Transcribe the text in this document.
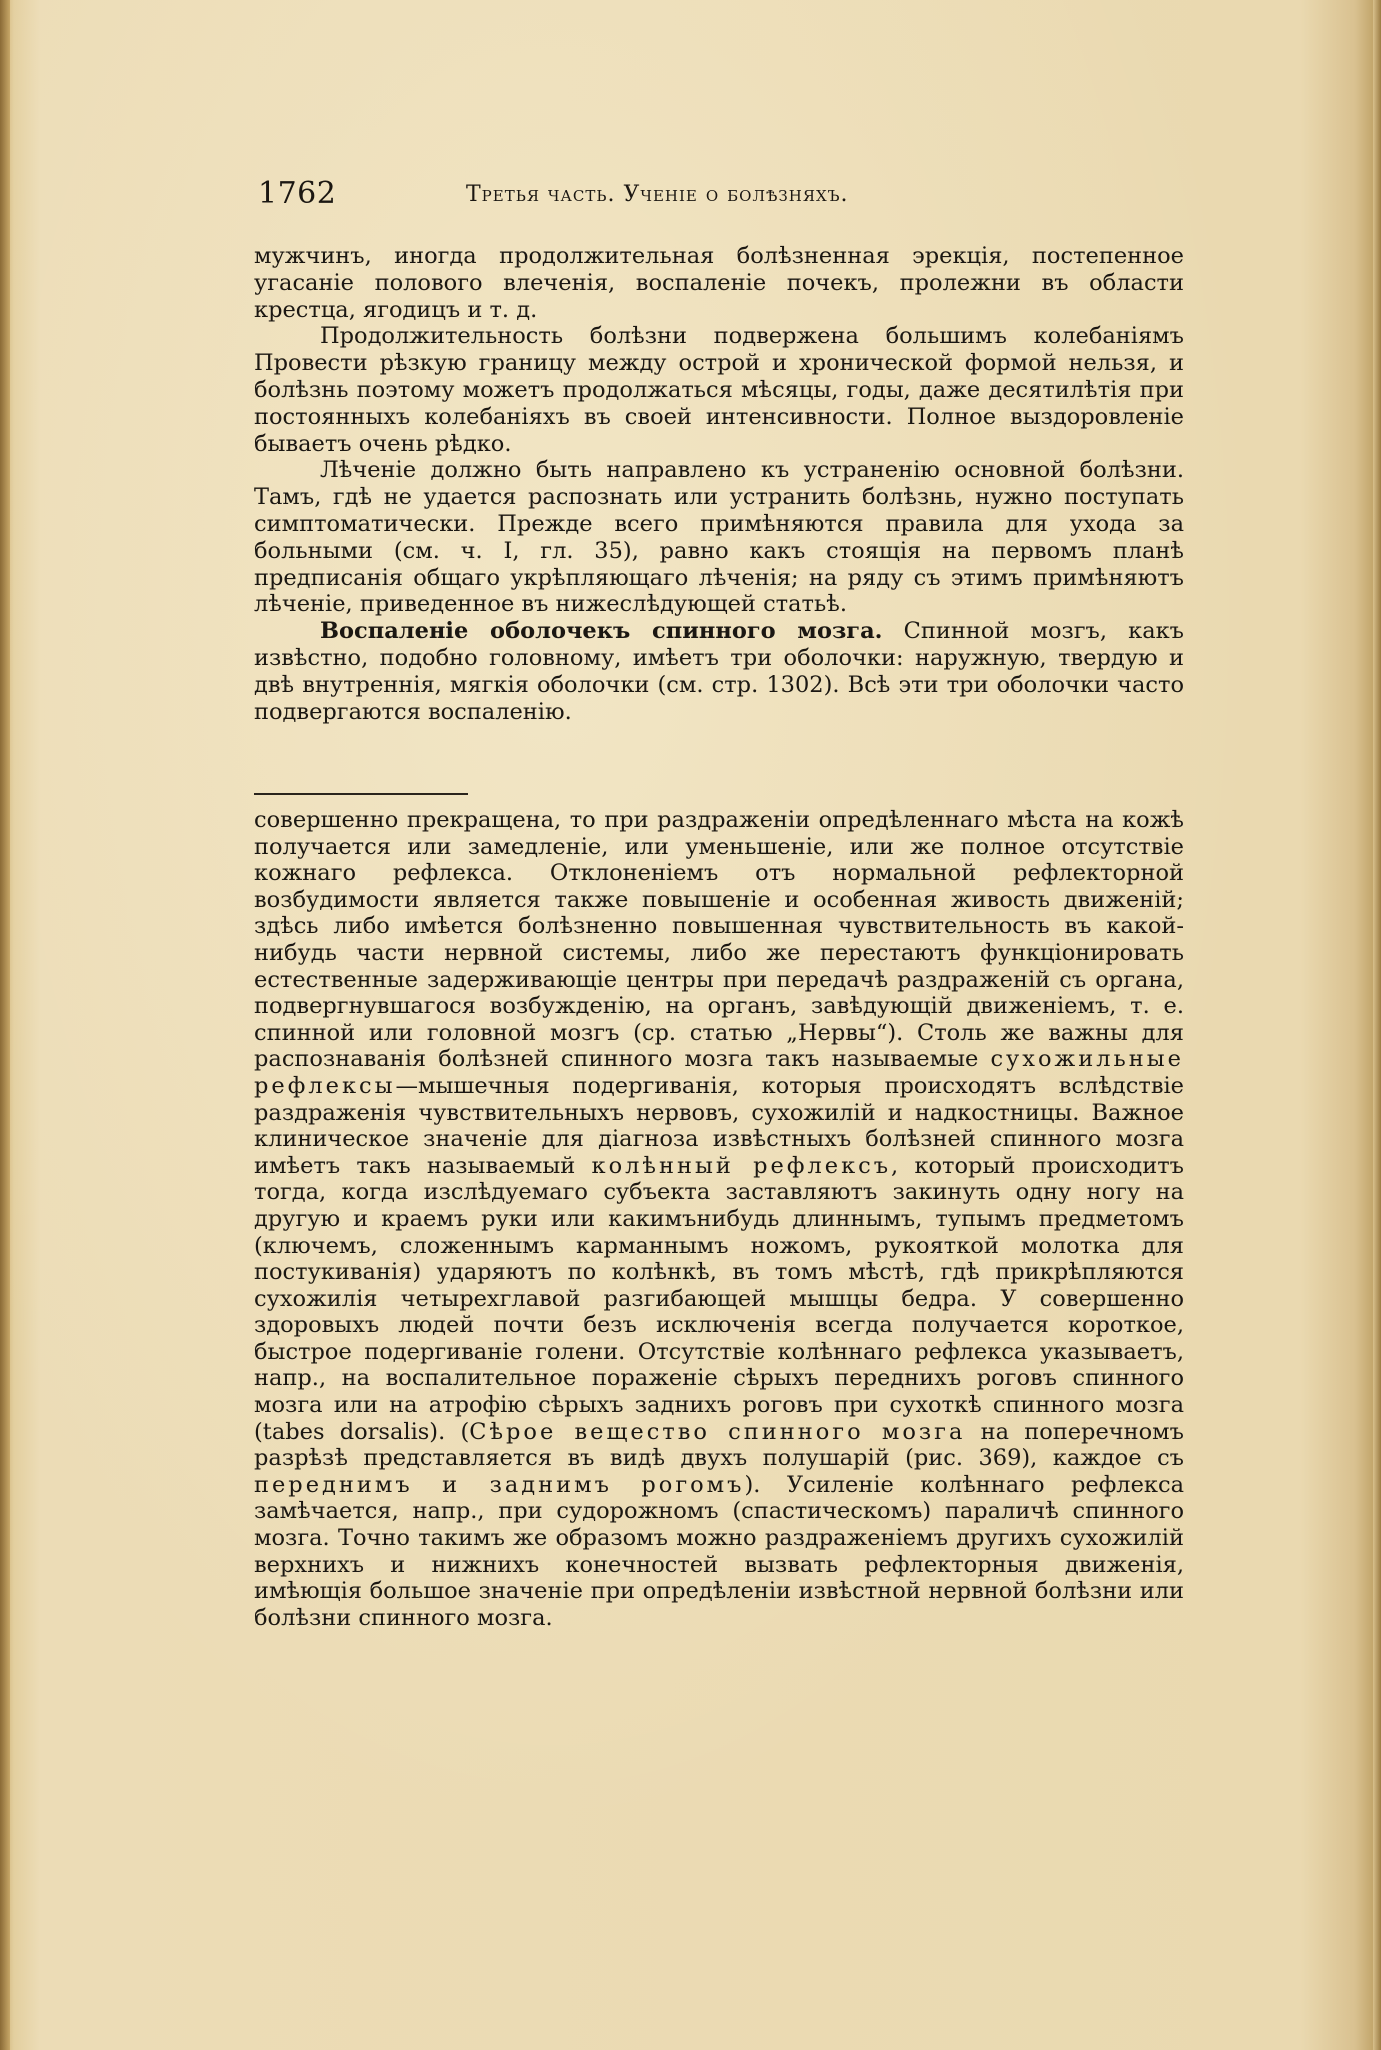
1762	Третья часть. Ученіе о болѣзняхъ.

мужчинъ, иногда продолжительная болѣзненная эрекція, постепенное угасаніе полового влеченія, воспаленіе почекъ, пролежни въ области крестца, ягодицъ и т. д.

Продолжительность болѣзни подвержена большимъ колебаніямъ Провести рѣзкую границу между острой и хронической формой нельзя, и болѣзнь поэтому можетъ продолжаться мѣсяцы, годы, даже десятилѣтія при постоянныхъ колебаніяхъ въ своей интенсивности. Полное выздоровленіе бываетъ очень рѣдко.

Лѣченіе должно быть направлено къ устраненію основной болѣзни. Тамъ, гдѣ не удается распознать или устранить болѣзнь, нужно поступать симптоматически. Прежде всего примѣняются правила для ухода за больными (см. ч. I, гл. 35), равно какъ стоящія на первомъ планѣ предписанія общаго укрѣпляющаго лѣченія; на ряду съ этимъ примѣняютъ лѣченіе, приведенное въ нижеслѣдующей статьѣ.

Воспаленіе оболочекъ спинного мозга. Спинной мозгъ, какъ извѣстно, подобно головному, имѣетъ три оболочки: наружную, твердую и двѣ внутреннія, мягкія оболочки (см. стр. 1302). Всѣ эти три оболочки часто подвергаются воспаленію.

совершенно прекращена, то при раздраженіи опредѣленнаго мѣста на кожѣ получается или замедленіе, или уменьшеніе, или же полное отсутствіе кожнаго рефлекса. Отклоненіемъ отъ нормальной рефлекторной возбудимости является также повышеніе и особенная живость движеній; здѣсь либо имѣется болѣзненно повышенная чувствительность въ какой-нибудь части нервной системы, либо же перестаютъ функціонировать естественные задерживающіе центры при передачѣ раздраженій съ органа, подвергнувшагося возбужденію, на органъ, завѣдующій движеніемъ, т. е. спинной или головной мозгъ (ср. статью „Нервы“). Столь же важны для распознаванія болѣзней спинного мозга такъ называемые сухожильные рефлексы—мышечныя подергиванія, которыя происходятъ вслѣдствіе раздраженія чувствительныхъ нервовъ, сухожилій и надкостницы. Важное клиническое значеніе для діагноза извѣстныхъ болѣзней спинного мозга имѣетъ такъ называемый колѣнный рефлексъ, который происходитъ тогда, когда изслѣдуемаго субъекта заставляютъ закинуть одну ногу на другую и краемъ руки или какимънибудь длиннымъ, тупымъ предметомъ (ключемъ, сложеннымъ карманнымъ ножомъ, рукояткой молотка для постукиванія) ударяютъ по колѣнкѣ, въ томъ мѣстѣ, гдѣ прикрѣпляются сухожилія четырехглавой разгибающей мышцы бедра. У совершенно здоровыхъ людей почти безъ исключенія всегда получается короткое, быстрое подергиваніе голени. Отсутствіе колѣннаго рефлекса указываетъ, напр., на воспалительное пораженіе сѣрыхъ переднихъ роговъ спинного мозга или на атрофію сѣрыхъ заднихъ роговъ при сухоткѣ спинного мозга (tabes dorsalis). (Сѣрое вещество спинного мозга на поперечномъ разрѣзѣ представляется въ видѣ двухъ полушарій (рис. 369), каждое съ переднимъ и заднимъ рогомъ). Усиленіе колѣннаго рефлекса замѣчается, напр., при судорожномъ (спастическомъ) параличѣ спинного мозга. Точно такимъ же образомъ можно раздраженіемъ другихъ сухожилій верхнихъ и нижнихъ конечностей вызвать рефлекторныя движенія, имѣющія большое значеніе при опредѣленіи извѣстной нервной болѣзни или болѣзни спинного мозга.
